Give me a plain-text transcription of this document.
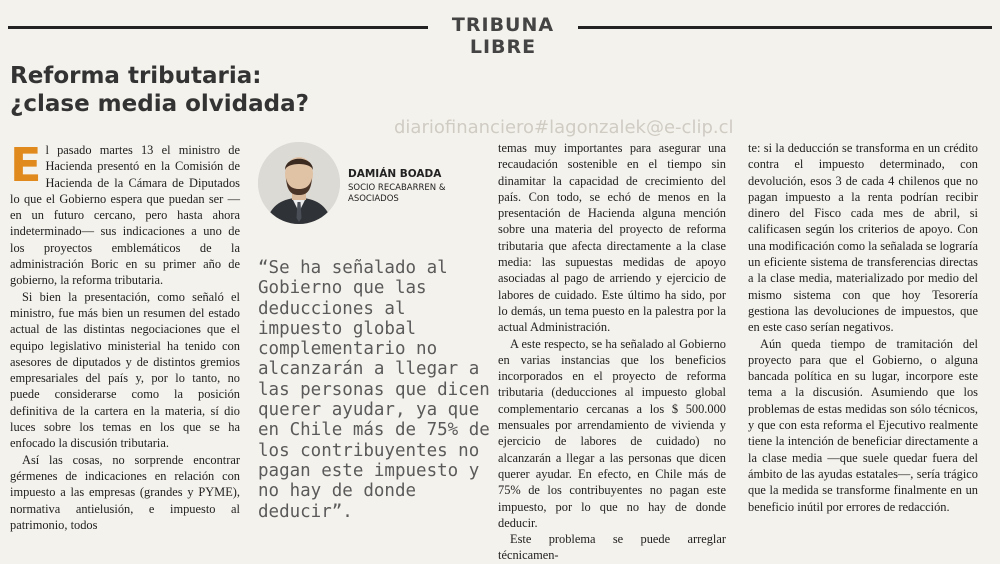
TRIBUNA LIBRE
Reforma tributaria:
¿clase media olvidada?
diariofinanciero#lagonzalek@e-clip.cl

El pasado martes 13 el ministro de Hacienda presentó en la Comisión de Hacienda de la Cámara de Diputados lo que el Gobierno espera que puedan ser —en un futuro cercano, pero hasta ahora indeterminado— sus indicaciones a uno de los proyectos emblemáticos de la administración Boric en su primer año de gobierno, la reforma tributaria.

Si bien la presentación, como señaló el ministro, fue más bien un resumen del estado actual de las distintas negociaciones que el equipo legislativo ministerial ha tenido con asesores de diputados y de distintos gremios empresariales del país y, por lo tanto, no puede considerarse como la posición definitiva de la cartera en la materia, sí dio luces sobre los temas en los que se ha enfocado la discusión tributaria.

Así las cosas, no sorprende encontrar gérmenes de indicaciones en relación con impuesto a las empresas (grandes y PYME), normativa antielusión, e impuesto al patrimonio, todos

DAMIÁN BOADA
SOCIO RECABARREN &
ASOCIADOS
“Se ha señalado al Gobierno que las deducciones al impuesto global complementario no alcanzarán a llegar a las personas que dicen querer ayudar, ya que en Chile más de 75% de los contribuyentes no pagan este impuesto y no hay de donde deducir”.

temas muy importantes para asegurar una recaudación sostenible en el tiempo sin dinamitar la capacidad de crecimiento del país. Con todo, se echó de menos en la presentación de Hacienda alguna mención sobre una materia del proyecto de reforma tributaria que afecta directamente a la clase media: las supuestas medidas de apoyo asociadas al pago de arriendo y ejercicio de labores de cuidado. Este último ha sido, por lo demás, un tema puesto en la palestra por la actual Administración.

A este respecto, se ha señalado al Gobierno en varias instancias que los beneficios incorporados en el proyecto de reforma tributaria (deducciones al impuesto global complementario cercanas a los $ 500.000 mensuales por arrendamiento de vivienda y ejercicio de labores de cuidado) no alcanzarán a llegar a las personas que dicen querer ayudar. En efecto, en Chile más de 75% de los contribuyentes no pagan este impuesto, por lo que no hay de donde deducir.

Este problema se puede arreglar técnicamen-

te: si la deducción se transforma en un crédito contra el impuesto determinado, con devolución, esos 3 de cada 4 chilenos que no pagan impuesto a la renta podrían recibir dinero del Fisco cada mes de abril, si calificasen según los criterios de apoyo. Con una modificación como la señalada se lograría un eficiente sistema de transferencias directas a la clase media, materializado por medio del mismo sistema con que hoy Tesorería gestiona las devoluciones de impuestos, que en este caso serían negativos.

Aún queda tiempo de tramitación del proyecto para que el Gobierno, o alguna bancada política en su lugar, incorpore este tema a la discusión. Asumiendo que los problemas de estas medidas son sólo técnicos, y que con esta reforma el Ejecutivo realmente tiene la intención de beneficiar directamente a la clase media —que suele quedar fuera del ámbito de las ayudas estatales—, sería trágico que la medida se transforme finalmente en un beneficio inútil por errores de redacción.
